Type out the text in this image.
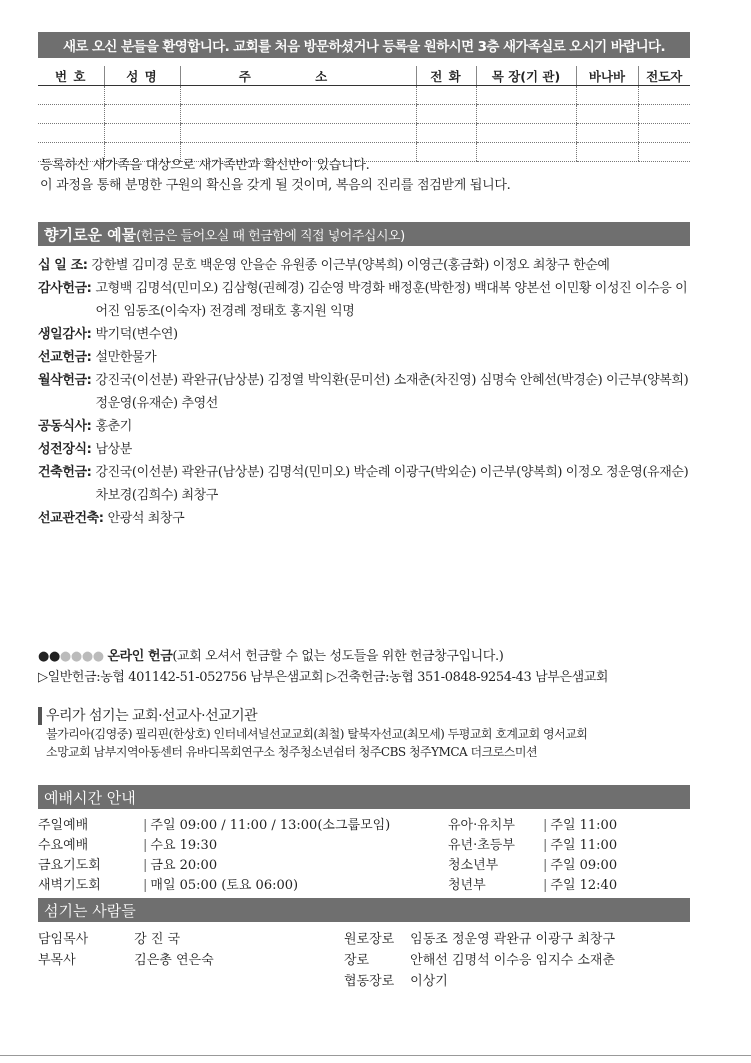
새로 오신 분들을 환영합니다. 교회를 처음 방문하셨거나 등록을 원하시면 3층 새가족실로 오시기 바랍니다.
번 호	성 명	주 소	전 화	목 장(기 관)	바나바	전도자

등록하신 새가족을 대상으로 새가족반과 확신반이 있습니다.
이 과정을 통해 분명한 구원의 확신을 갖게 될 것이며, 복음의 진리를 점검받게 됩니다.
향기로운 예물 (헌금은 들어오실 때 헌금함에 직접 넣어주십시오)
십 일 조: 강한별 김미경 문호 백운영 안을순 유원종 이근부(양복희) 이영근(홍금화) 이정오 최창구 한순예
감사헌금: 고형백 김명석(민미오) 김삼형(권혜경) 김순영 박경화 배정훈(박한정) 백대복 양본선 이민황 이성진 이수응 이어진 임동조(이숙자) 전경례 정태호 홍지원 익명
생일감사: 박기덕(변수연)
선교헌금: 설만한물가
월삭헌금: 강진국(이선분) 곽완규(남상분) 김정열 박익환(문미선) 소재춘(차진영) 심명숙 안혜선(박경순) 이근부(양복희) 정운영(유재순) 추영선
공동식사: 홍춘기
성전장식: 남상분
건축헌금: 강진국(이선분) 곽완규(남상분) 김명석(민미오) 박순례 이광구(박외순) 이근부(양복희) 이정오 정운영(유재순) 차보경(김희수) 최창구
선교관건축: 안광석 최창구
●●●●●● 온라인 헌금(교회 오셔서 헌금할 수 없는 성도들을 위한 헌금창구입니다.)
▷일반헌금:농협 401142-51-052756 남부은샘교회 ▷건축헌금:농협 351-0848-9254-43 남부은샘교회
우리가 섬기는 교회·선교사·선교기관
불가리아(김영중) 필리핀(한상호) 인터네셔널선교교회(최철) 탈북자선교(최모세) 두평교회 호계교회 영서교회
소망교회 남부지역아동센터 유바디목회연구소 청주청소년쉼터 청주CBS 청주YMCA 더크로스미션
예배시간 안내
주일예배	| 주일 09:00 / 11:00 / 13:00(소그룹모임)	유아·유치부 | 주일 11:00
수요예배	| 수요 19:30	유년·초등부 | 주일 11:00
금요기도회	| 금요 20:00	청소년부	| 주일 09:00
새벽기도회	| 매일 05:00 (토요 06:00)	청년부	| 주일 12:40
섬기는 사람들
담임목사	강 진 국	원로장로 임동조 정운영 곽완규 이광구 최창구
부목사	김은총 연은숙	장로	안해선 김명석 이수응 임지수 소재춘
협동장로 이상기
